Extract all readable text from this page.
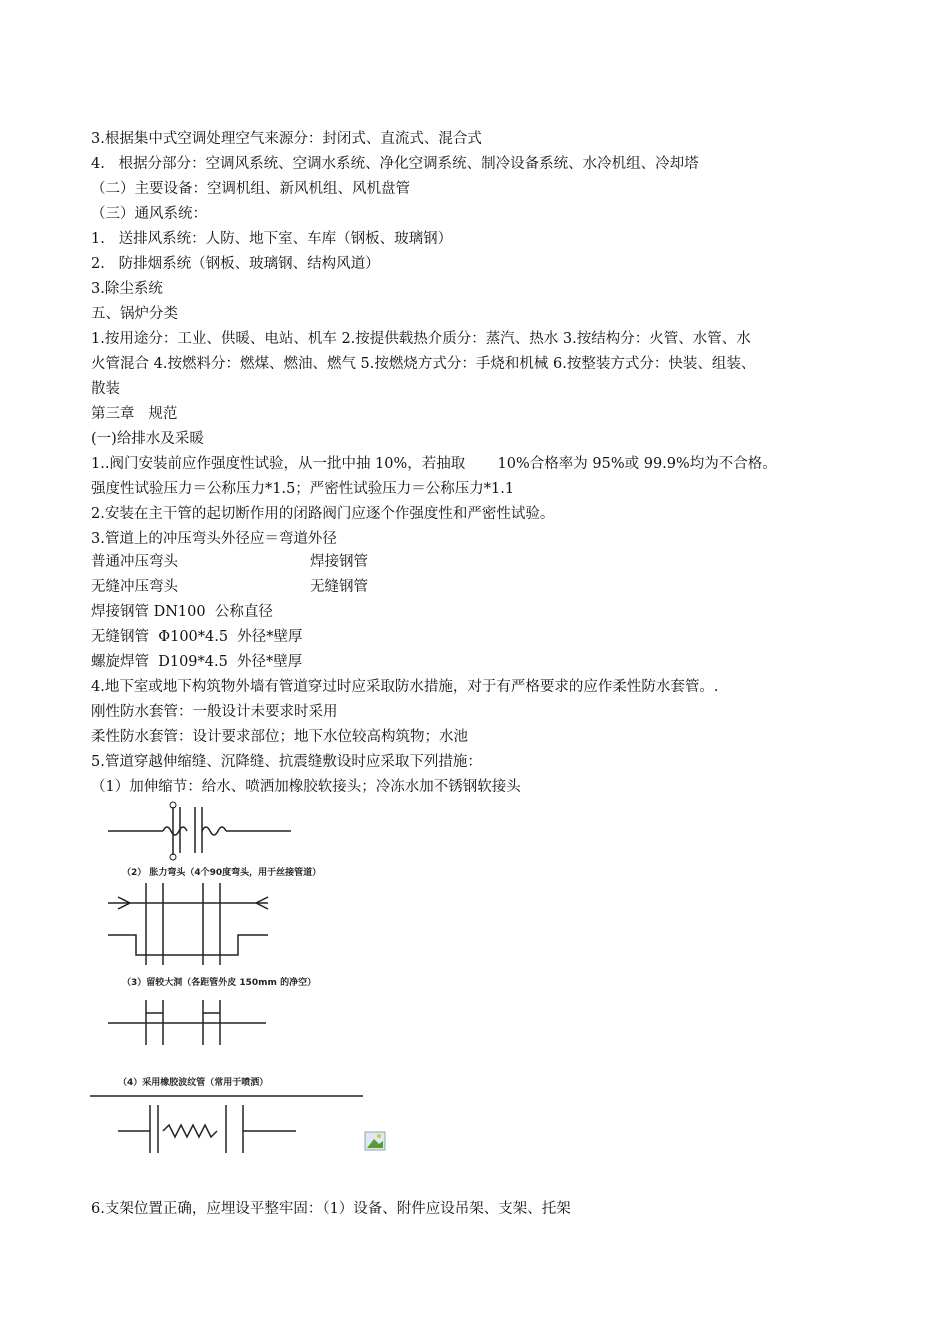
3.根据集中式空调处理空气来源分：封闭式、直流式、混合式
4.   根据分部分：空调风系统、空调水系统、净化空调系统、制冷设备系统、水冷机组、冷却塔
（二）主要设备：空调机组、新风机组、风机盘管
（三）通风系统：
1.   送排风系统：人防、地下室、车库（钢板、玻璃钢）
2.   防排烟系统（钢板、玻璃钢、结构风道）
3.除尘系统
五、锅炉分类
1.按用途分：工业、供暖、电站、机车 2.按提供载热介质分：蒸汽、热水 3.按结构分：火管、水管、水
火管混合 4.按燃料分：燃煤、燃油、燃气 5.按燃烧方式分：手烧和机械 6.按整装方式分：快装、组装、
散装
第三章   规范
(一)给排水及采暖
1..阀门安装前应作强度性试验，从一批中抽 10%，若抽取       10%合格率为 95%或 99.9%均为不合格。
强度性试验压力＝公称压力*1.5；严密性试验压力＝公称压力*1.1
2.安装在主干管的起切断作用的闭路阀门应逐个作强度性和严密性试验。
3.管道上的冲压弯头外径应＝弯道外径
普通冲压弯头
无缝冲压弯头
焊接钢管 DN100  公称直径
无缝钢管  Φ100*4.5  外径*壁厚
螺旋焊管  D109*4.5  外径*壁厚
4.地下室或地下构筑物外墙有管道穿过时应采取防水措施，对于有严格要求的应作柔性防水套管。.
刚性防水套管：一般设计未要求时采用
柔性防水套管：设计要求部位；地下水位较高构筑物；水池
5.管道穿越伸缩缝、沉降缝、抗震缝敷设时应采取下列措施：
（1）加伸缩节：给水、喷洒加橡胶软接头；冷冻水加不锈钢软接头
焊接钢管
无缝钢管
（2） 胀力弯头（4个90度弯头，用于丝接管道）
（3）留较大洞（各距管外皮 150mm 的净空）
（4）采用橡胶波纹管（常用于喷洒）
6.支架位置正确，应埋设平整牢固：（1）设备、附件应设吊架、支架、托架
